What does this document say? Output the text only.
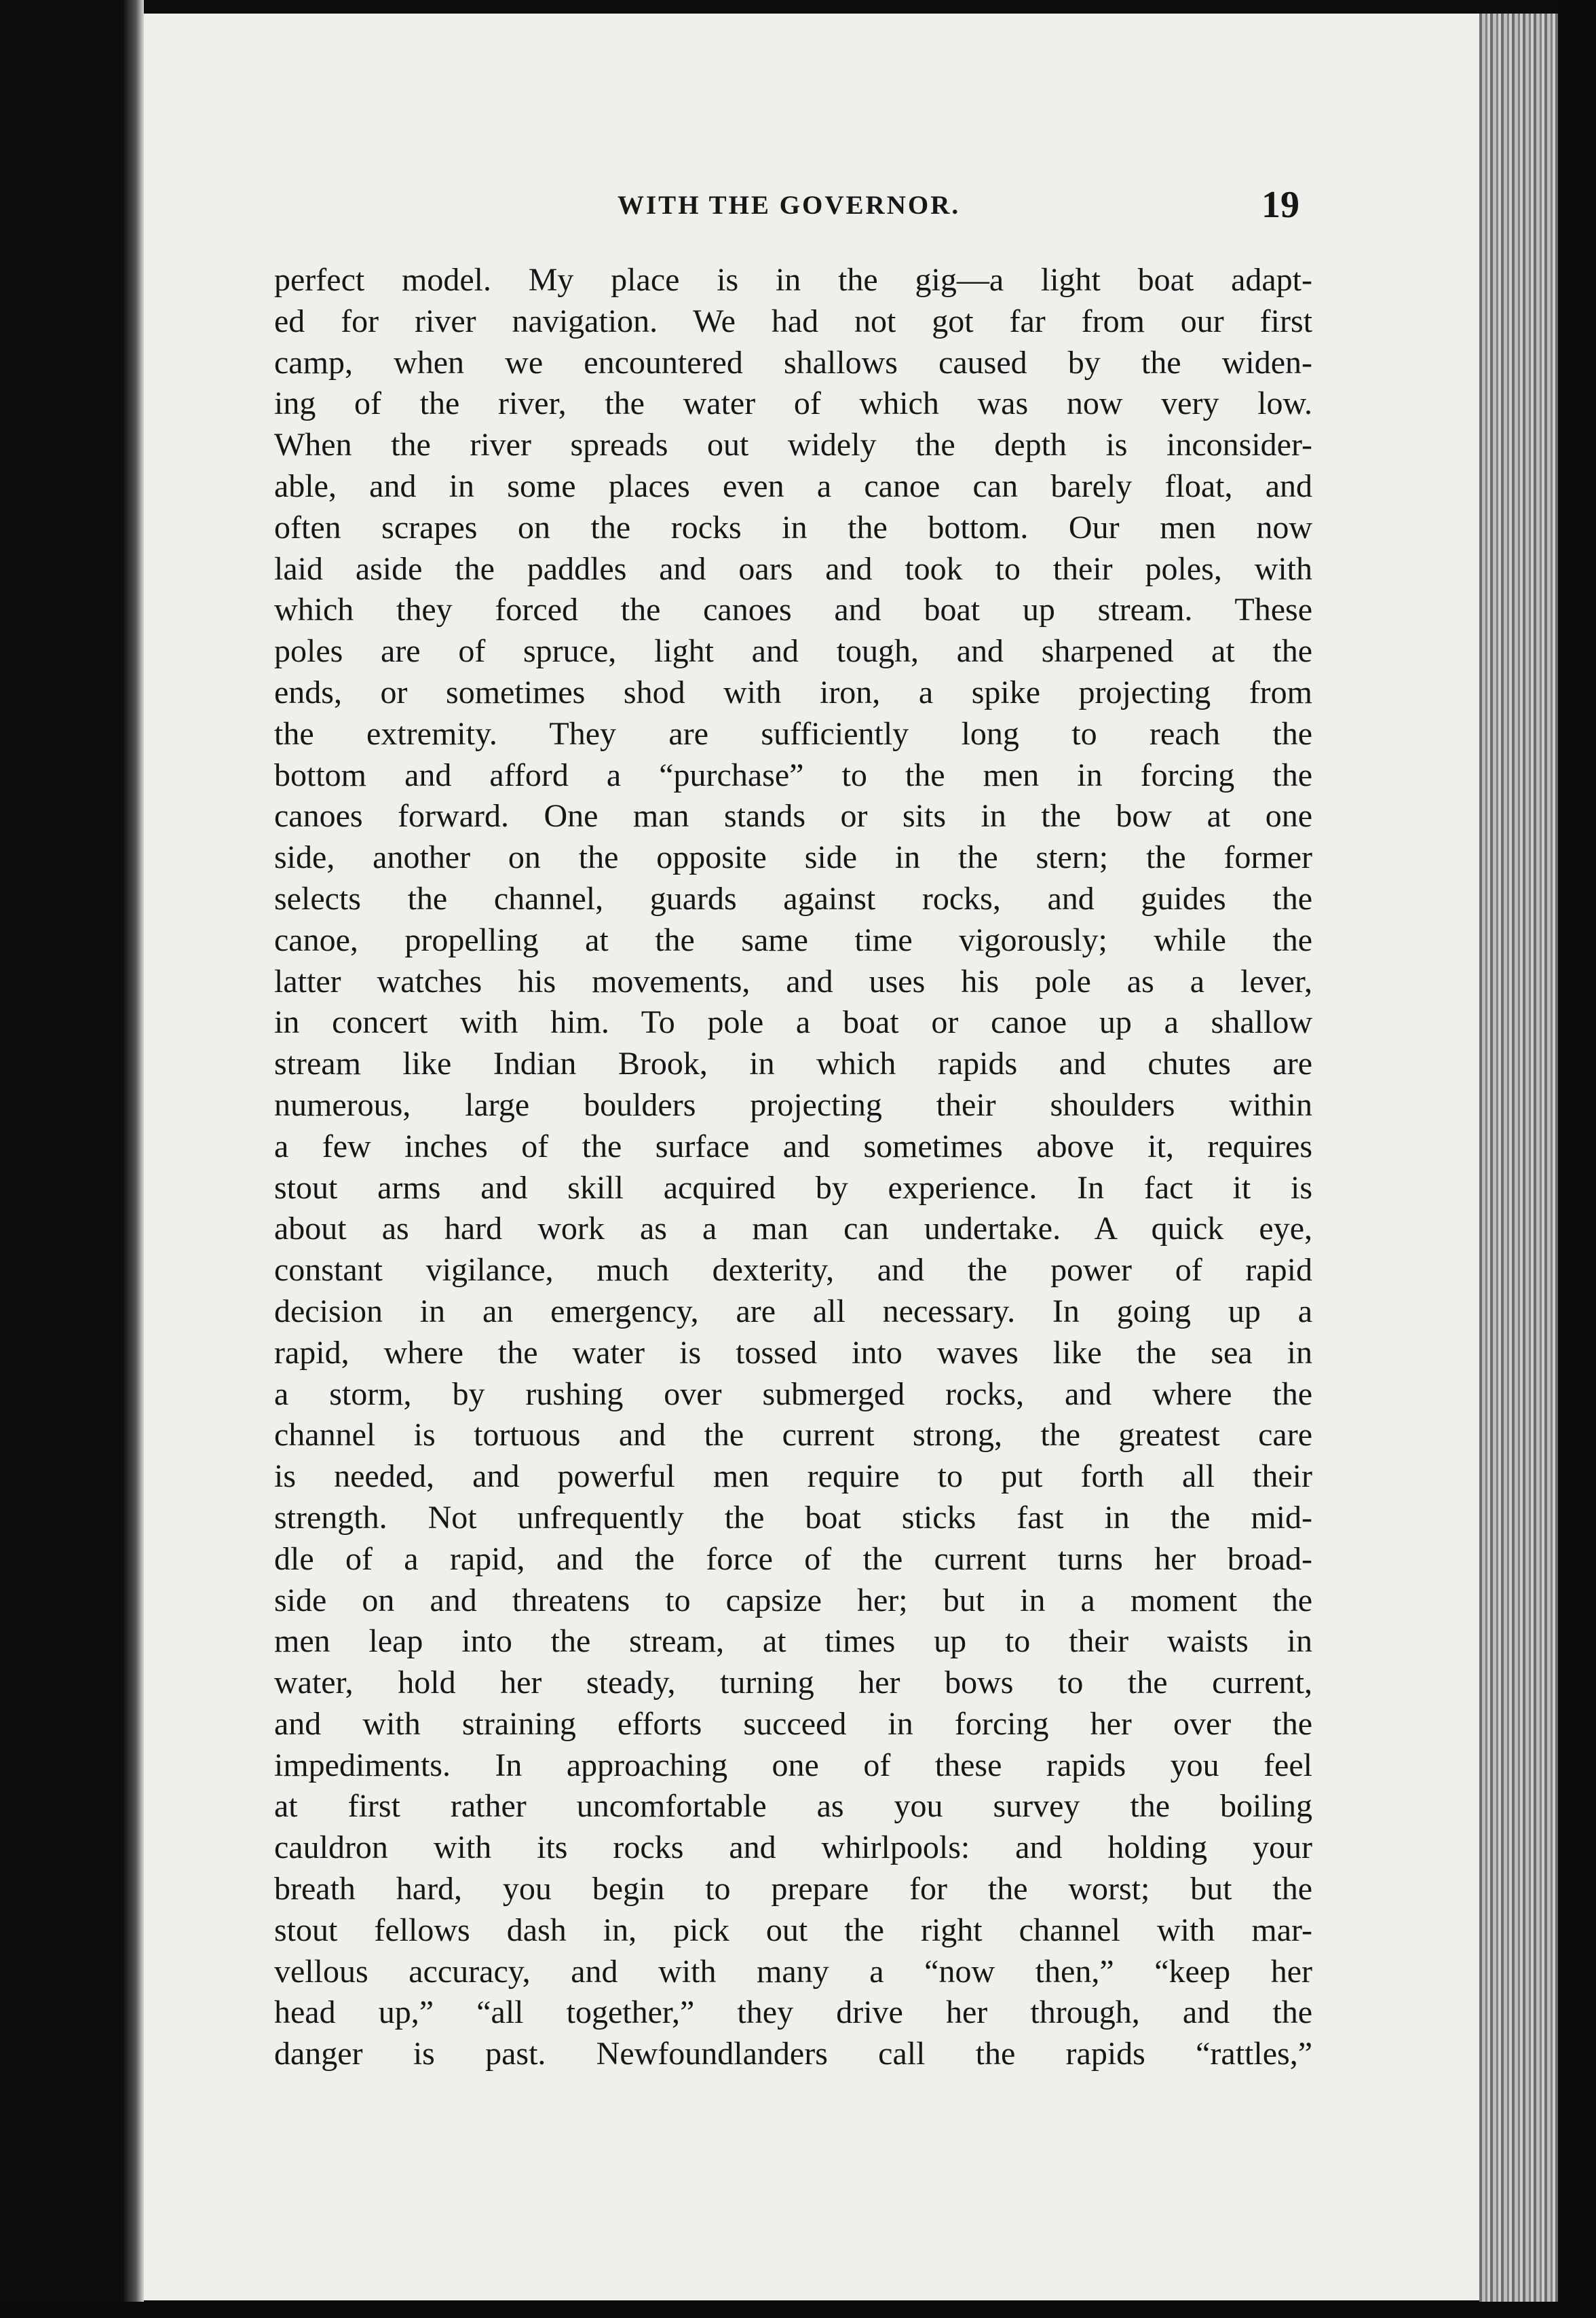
WITH THE GOVERNOR.	19
perfect model. My place is in the gig—a light boat adapt-
ed for river navigation. We had not got far from our first
camp, when we encountered shallows caused by the widen-
ing of the river, the water of which was now very low.
When the river spreads out widely the depth is inconsider-
able, and in some places even a canoe can barely float, and
often scrapes on the rocks in the bottom. Our men now
laid aside the paddles and oars and took to their poles, with
which they forced the canoes and boat up stream. These
poles are of spruce, light and tough, and sharpened at the
ends, or sometimes shod with iron, a spike projecting from
the extremity. They are sufficiently long to reach the
bottom and afford a “purchase” to the men in forcing the
canoes forward. One man stands or sits in the bow at one
side, another on the opposite side in the stern; the former
selects the channel, guards against rocks, and guides the
canoe, propelling at the same time vigorously; while the
latter watches his movements, and uses his pole as a lever,
in concert with him. To pole a boat or canoe up a shallow
stream like Indian Brook, in which rapids and chutes are
numerous, large boulders projecting their shoulders within
a few inches of the surface and sometimes above it, requires
stout arms and skill acquired by experience. In fact it is
about as hard work as a man can undertake. A quick eye,
constant vigilance, much dexterity, and the power of rapid
decision in an emergency, are all necessary. In going up a
rapid, where the water is tossed into waves like the sea in
a storm, by rushing over submerged rocks, and where the
channel is tortuous and the current strong, the greatest care
is needed, and powerful men require to put forth all their
strength. Not unfrequently the boat sticks fast in the mid-
dle of a rapid, and the force of the current turns her broad-
side on and threatens to capsize her; but in a moment the
men leap into the stream, at times up to their waists in
water, hold her steady, turning her bows to the current,
and with straining efforts succeed in forcing her over the
impediments. In approaching one of these rapids you feel
at first rather uncomfortable as you survey the boiling
cauldron with its rocks and whirlpools: and holding your
breath hard, you begin to prepare for the worst; but the
stout fellows dash in, pick out the right channel with mar-
vellous accuracy, and with many a “now then,” “keep her
head up,” “all together,” they drive her through, and the
danger is past. Newfoundlanders call the rapids “rattles,”
